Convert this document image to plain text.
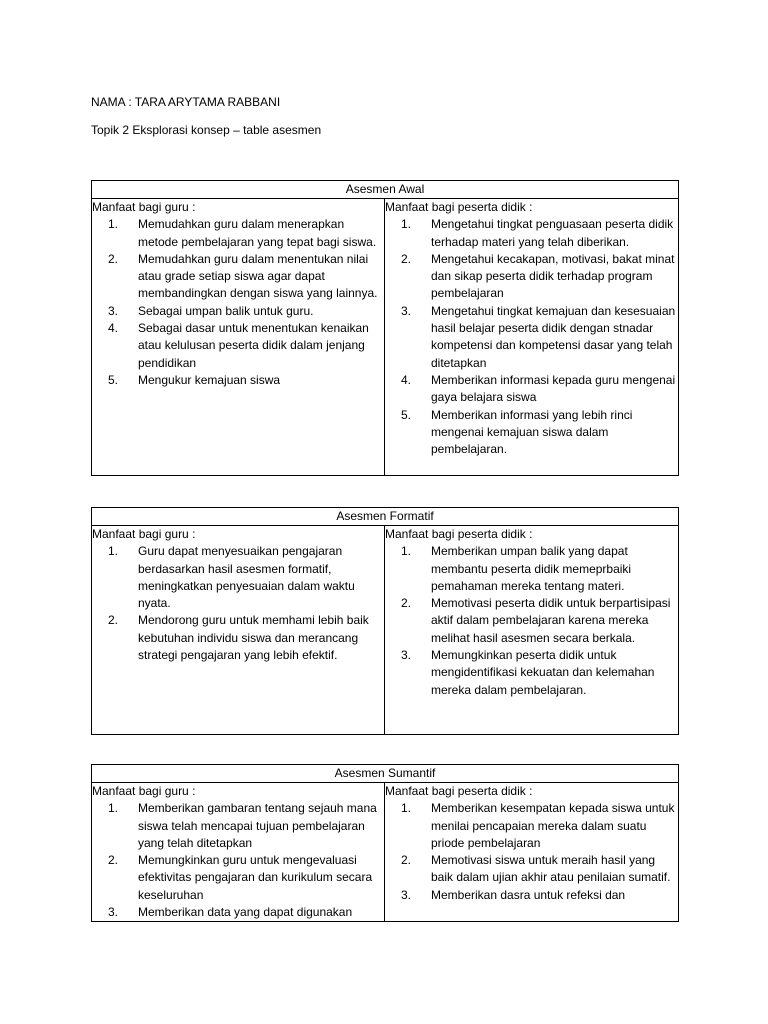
NAMA : TARA ARYTAMA RABBANI
Topik 2 Eksplorasi konsep – table asesmen
Asesmen Awal

Manfaat bagi guru :
1.	Memudahkan guru dalam menerapkan metode pembelajaran yang tepat bagi siswa.
2.	Memudahkan guru dalam menentukan nilai atau grade setiap siswa agar dapat membandingkan dengan siswa yang lainnya.
3.	Sebagai umpan balik untuk guru.
4.	Sebagai dasar untuk menentukan kenaikan atau kelulusan peserta didik dalam jenjang pendidikan
5.	Mengukur kemajuan siswa

Manfaat bagi peserta didik :
1.	Mengetahui tingkat penguasaan peserta didik terhadap materi yang telah diberikan.
2.	Mengetahui kecakapan, motivasi, bakat minat dan sikap peserta didik terhadap program pembelajaran
3.	Mengetahui tingkat kemajuan dan kesesuaian hasil belajar peserta didik dengan stnadar kompetensi dan kompetensi dasar yang telah ditetapkan
4.	Memberikan informasi kepada guru mengenai gaya belajara siswa
5.	Memberikan informasi yang lebih rinci mengenai kemajuan siswa dalam pembelajaran.
Asesmen Formatif

Manfaat bagi guru :
1.	Guru dapat menyesuaikan pengajaran berdasarkan hasil asesmen formatif, meningkatkan penyesuaian dalam waktu nyata.
2.	Mendorong guru untuk memhami lebih baik kebutuhan individu siswa dan merancang strategi pengajaran yang lebih efektif.

Manfaat bagi peserta didik :
1.	Memberikan umpan balik yang dapat membantu peserta didik memeprbaiki pemahaman mereka tentang materi.
2.	Memotivasi peserta didik untuk berpartisipasi aktif dalam pembelajaran karena mereka melihat hasil asesmen secara berkala.
3.	Memungkinkan peserta didik untuk mengidentifikasi kekuatan dan kelemahan mereka dalam pembelajaran.
Asesmen Sumantif

Manfaat bagi guru :
1.	Memberikan gambaran tentang sejauh mana siswa telah mencapai tujuan pembelajaran yang telah ditetapkan
2.	Memungkinkan guru untuk mengevaluasi efektivitas pengajaran dan kurikulum secara keseluruhan
3.	Memberikan data yang dapat digunakan

Manfaat bagi peserta didik :
1.	Memberikan kesempatan kepada siswa untuk menilai pencapaian mereka dalam suatu priode pembelajaran
2.	Memotivasi siswa untuk meraih hasil yang baik dalam ujian akhir atau penilaian sumatif.
3.	Memberikan dasra untuk refeksi dan
